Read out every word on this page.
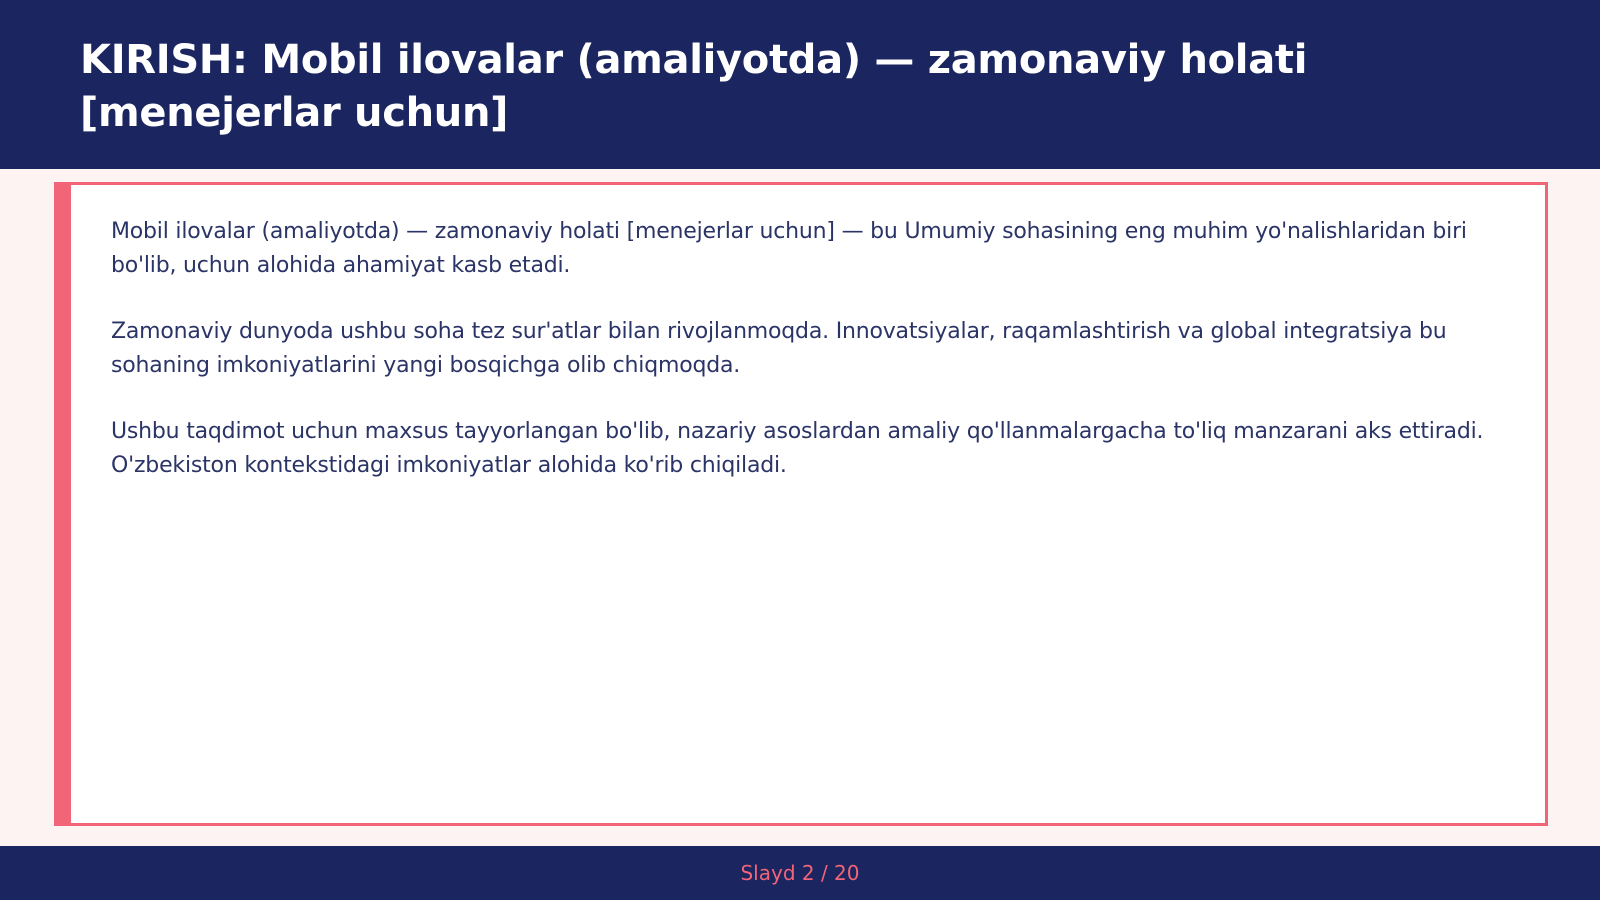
KIRISH: Mobil ilovalar (amaliyotda) — zamonaviy holati [menejerlar uchun]

Mobil ilovalar (amaliyotda) — zamonaviy holati [menejerlar uchun] — bu Umumiy sohasining eng muhim yo'nalishlaridan biri bo'lib, uchun alohida ahamiyat kasb etadi.

Zamonaviy dunyoda ushbu soha tez sur'atlar bilan rivojlanmoqda. Innovatsiyalar, raqamlashtirish va global integratsiya bu sohaning imkoniyatlarini yangi bosqichga olib chiqmoqda.

Ushbu taqdimot uchun maxsus tayyorlangan bo'lib, nazariy asoslardan amaliy qo'llanmalargacha to'liq manzarani aks ettiradi. O'zbekiston kontekstidagi imkoniyatlar alohida ko'rib chiqiladi.

Slayd 2 / 20
